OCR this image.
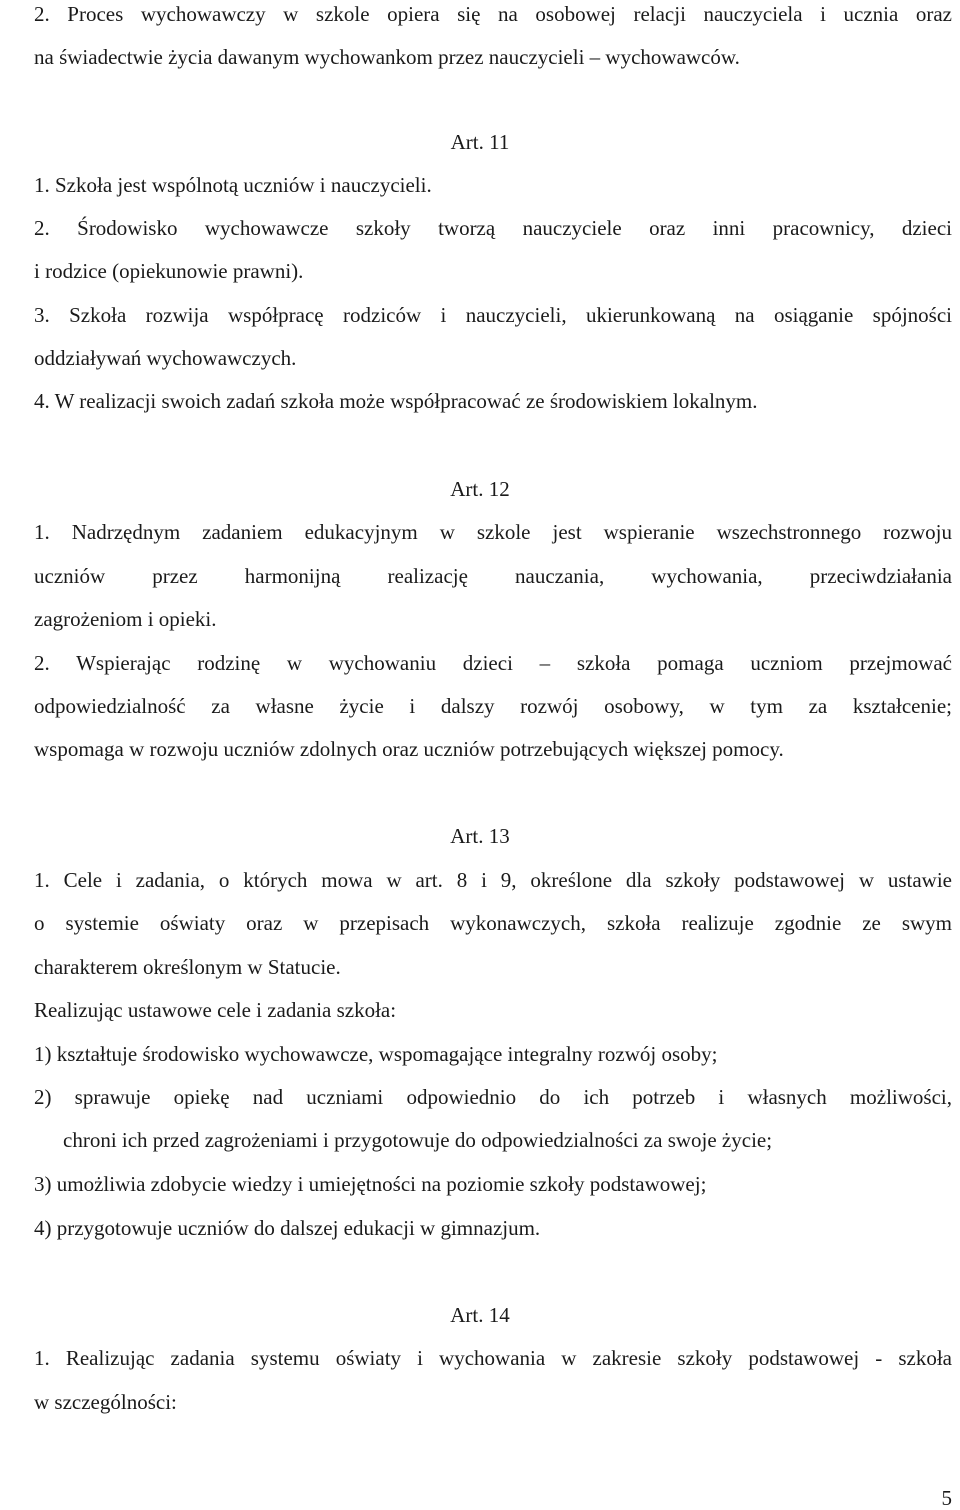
2. Proces wychowawczy w szkole opiera się na osobowej relacji nauczyciela i ucznia oraz
na świadectwie życia dawanym wychowankom przez nauczycieli – wychowawców.
Art. 11
1. Szkoła jest wspólnotą uczniów i nauczycieli.
2. Środowisko wychowawcze szkoły tworzą nauczyciele oraz inni pracownicy, dzieci
i rodzice (opiekunowie prawni).
3. Szkoła rozwija współpracę rodziców i nauczycieli, ukierunkowaną na osiąganie spójności
oddziaływań wychowawczych.
4. W realizacji swoich zadań szkoła może współpracować ze środowiskiem lokalnym.
Art. 12
1. Nadrzędnym zadaniem edukacyjnym w szkole jest wspieranie wszechstronnego rozwoju
uczniów przez harmonijną realizację nauczania, wychowania, przeciwdziałania
zagrożeniom i opieki.
2. Wspierając rodzinę w wychowaniu dzieci – szkoła pomaga uczniom przejmować
odpowiedzialność za własne życie i dalszy rozwój osobowy, w tym za kształcenie;
wspomaga w rozwoju uczniów zdolnych oraz uczniów potrzebujących większej pomocy.
Art. 13
1. Cele i zadania, o których mowa w art. 8 i 9, określone dla szkoły podstawowej w ustawie
o systemie oświaty oraz w przepisach wykonawczych, szkoła realizuje zgodnie ze swym
charakterem określonym w Statucie.
Realizując ustawowe cele i zadania szkoła:
1) kształtuje środowisko wychowawcze, wspomagające integralny rozwój osoby;
2) sprawuje opiekę nad uczniami odpowiednio do ich potrzeb i własnych możliwości,
chroni ich przed zagrożeniami i przygotowuje do odpowiedzialności za swoje życie;
3) umożliwia zdobycie wiedzy i umiejętności na poziomie szkoły podstawowej;
4) przygotowuje uczniów do dalszej edukacji w gimnazjum.
Art. 14
1. Realizując zadania systemu oświaty i wychowania w zakresie szkoły podstawowej - szkoła
w szczególności:
5
